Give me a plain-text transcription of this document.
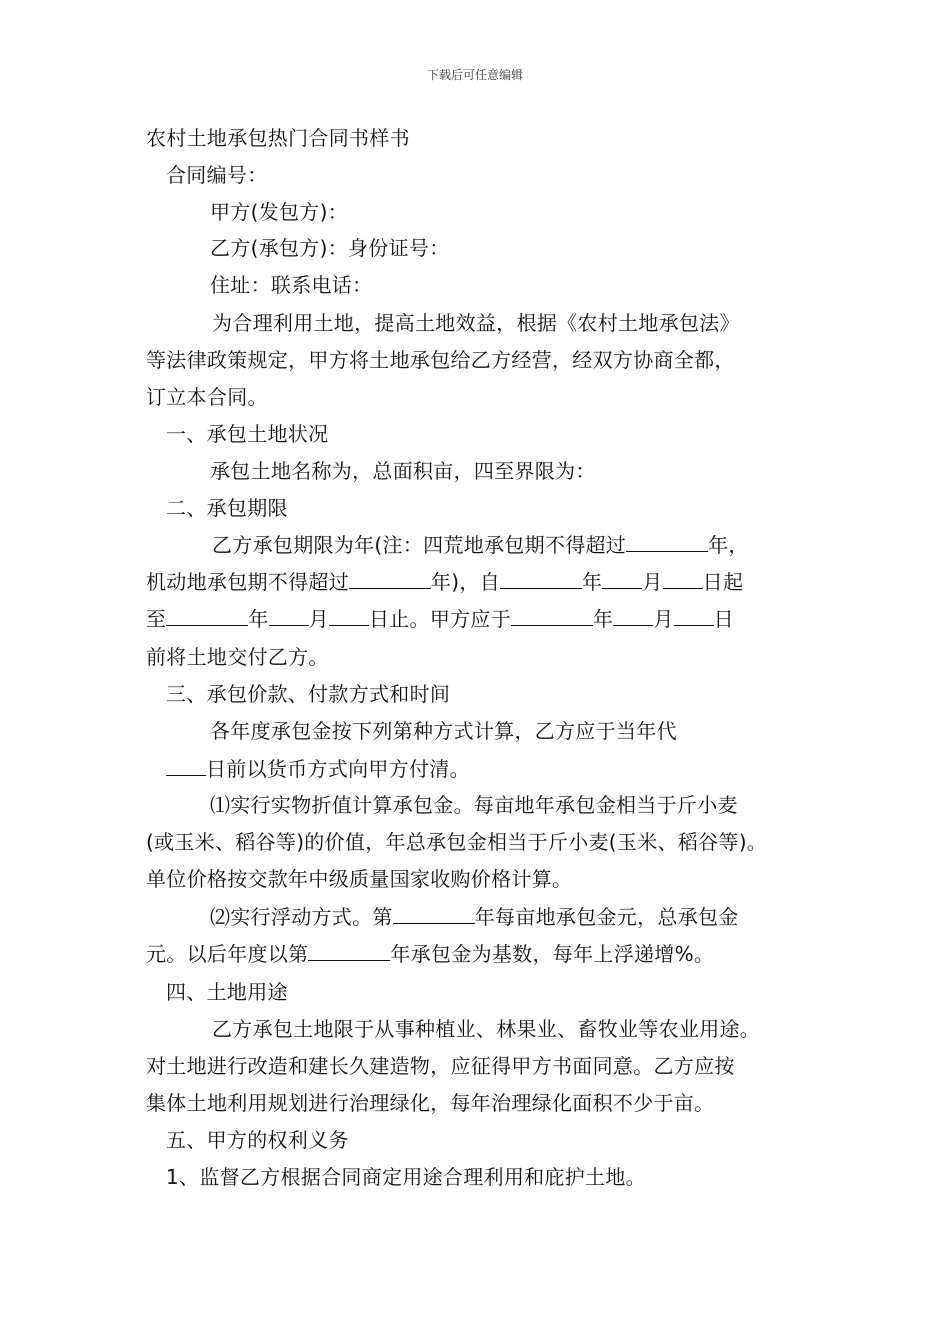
下载后可任意编辑
农村土地承包热门合同书样书
合同编号：
甲方(发包方)：
乙方(承包方)：身份证号：
住址：联系电话：
为合理利用土地，提高土地效益，根据《农村土地承包法》
等法律政策规定，甲方将土地承包给乙方经营，经双方协商全都，
订立本合同。
一、承包土地状况
承包土地名称为，总面积亩，四至界限为：
二、承包期限
乙方承包期限为年(注：四荒地承包期不得超过	年，
机动地承包期不得超过	年)，自	年 月 日起
至	年 月 日止。甲方应于	年 月 日
前将土地交付乙方。
三、承包价款、付款方式和时间
各年度承包金按下列第种方式计算，乙方应于当年代
日前以货币方式向甲方付清。
⑴实行实物折值计算承包金。每亩地年承包金相当于斤小麦
(或玉米、稻谷等)的价值，年总承包金相当于斤小麦(玉米、稻谷等)。
单位价格按交款年中级质量国家收购价格计算。
⑵实行浮动方式。第	年每亩地承包金元，总承包金
元。以后年度以第	年承包金为基数，每年上浮递增%。
四、土地用途
乙方承包土地限于从事种植业、林果业、畜牧业等农业用途。
对土地进行改造和建长久建造物，应征得甲方书面同意。乙方应按
集体土地利用规划进行治理绿化，每年治理绿化面积不少于亩。
五、甲方的权利义务
1、监督乙方根据合同商定用途合理利用和庇护土地。
